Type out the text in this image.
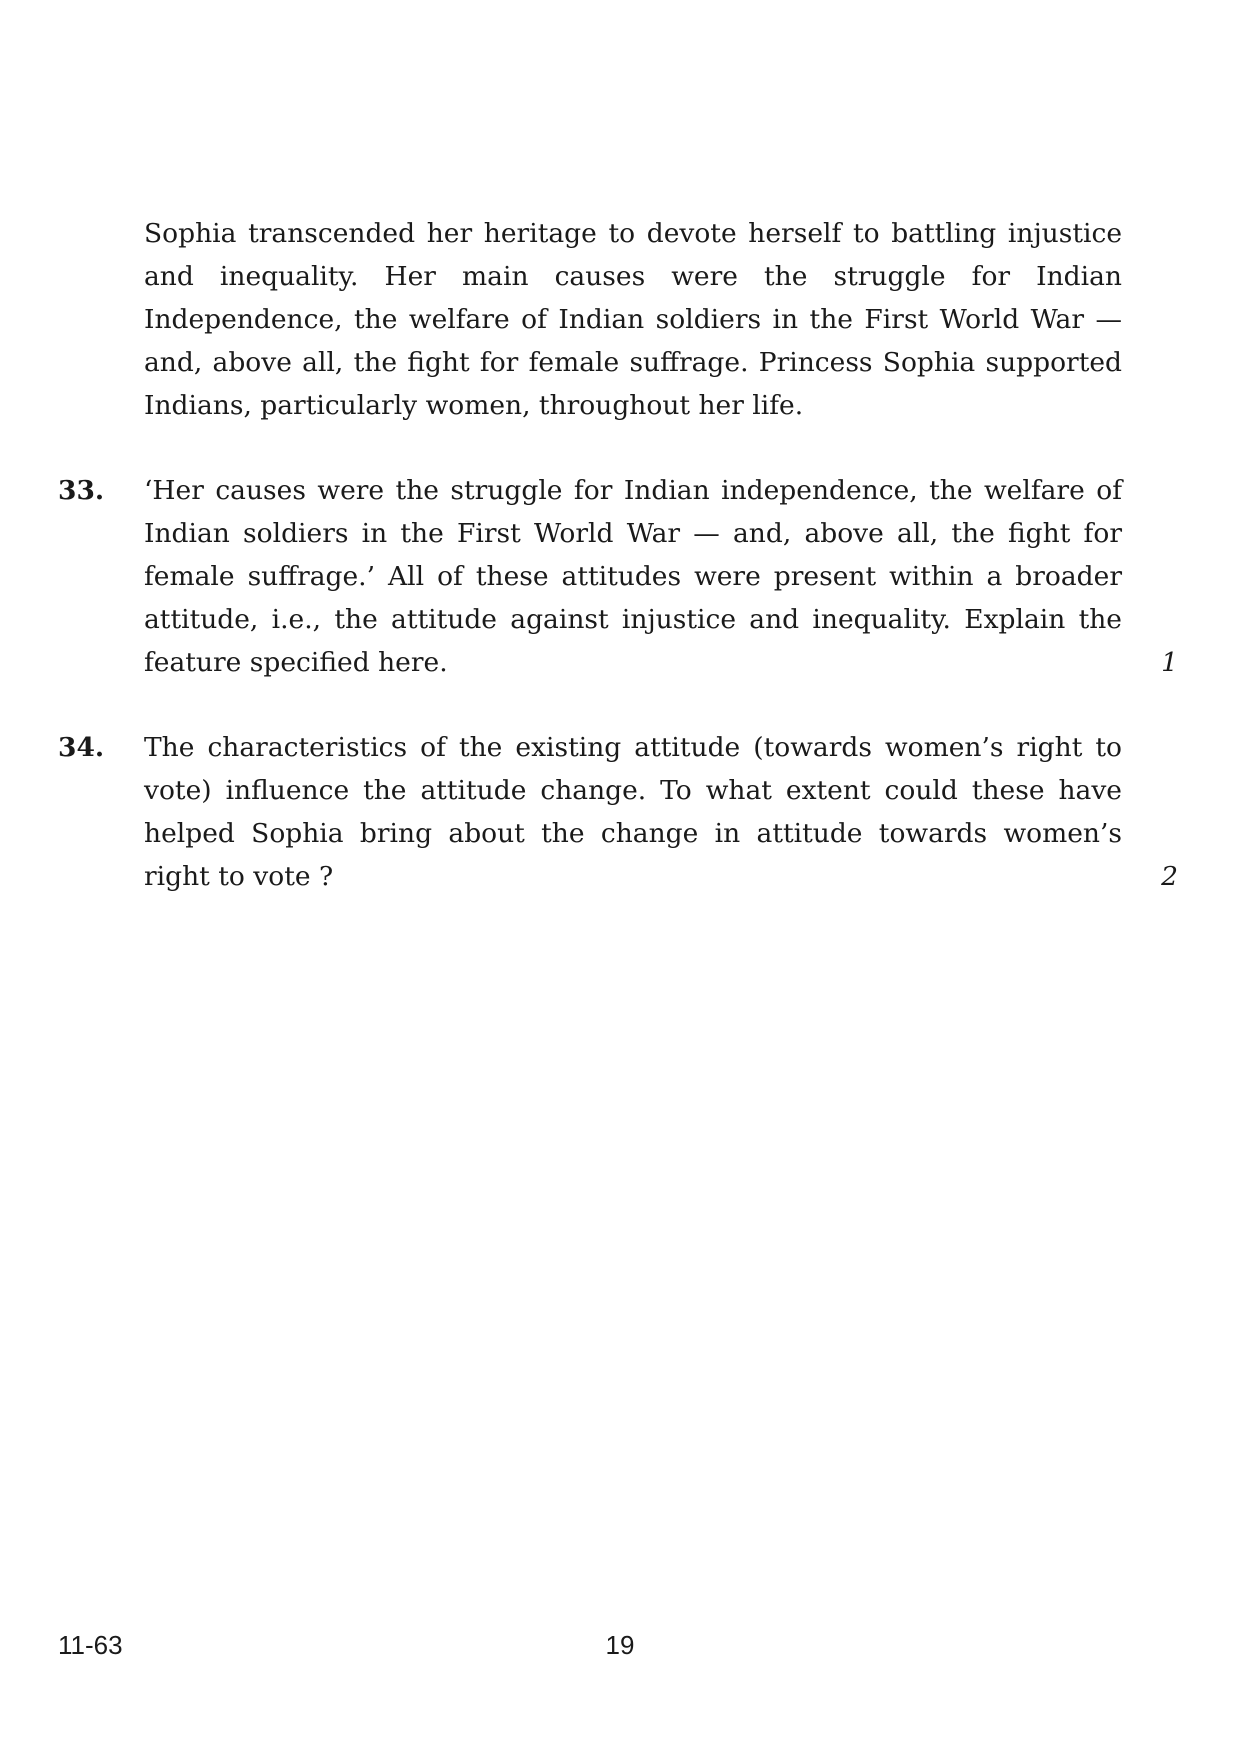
Sophia transcended her heritage to devote herself to battling injustice and inequality. Her main causes were the struggle for Indian Independence, the welfare of Indian soldiers in the First World War — and, above all, the fight for female suffrage. Princess Sophia supported Indians, particularly women, throughout her life.

33. ‘Her causes were the struggle for Indian independence, the welfare of Indian soldiers in the First World War — and, above all, the fight for female suffrage.’ All of these attitudes were present within a broader attitude, i.e., the attitude against injustice and inequality. Explain the feature specified here.	1
34. The characteristics of the existing attitude (towards women’s right to vote) influence the attitude change. To what extent could these have helped Sophia bring about the change in attitude towards women’s right to vote ?	2
11-63	19
